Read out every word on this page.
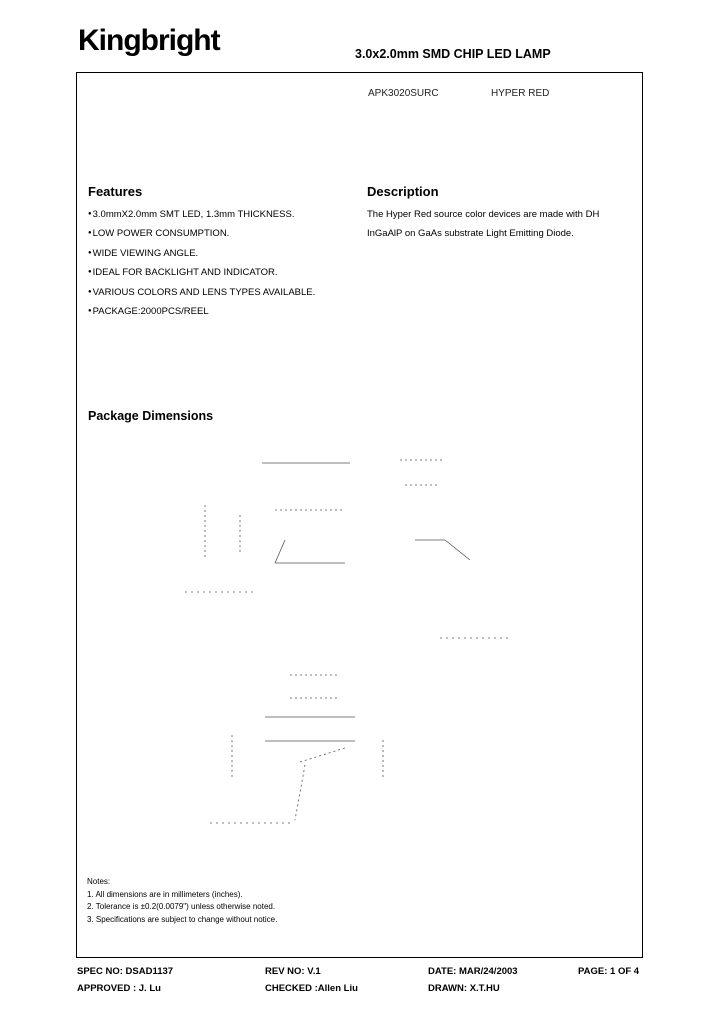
Kingbright	3.0x2.0mm SMD CHIP LED LAMP
APK3020SURC	HYPER RED
Features
● 3.0mmX2.0mm SMT LED, 1.3mm THICKNESS.
● LOW POWER CONSUMPTION.
● WIDE VIEWING ANGLE.
● IDEAL FOR BACKLIGHT AND INDICATOR.
● VARIOUS COLORS AND LENS TYPES AVAILABLE.
● PACKAGE:2000PCS/REEL
Description
The Hyper Red source color devices are made with DH InGaAlP on GaAs substrate Light Emitting Diode.
Package Dimensions
Notes:
1. All dimensions are in millimeters (inches).
2. Tolerance is ±0.2(0.0079") unless otherwise noted.
3. Specifications are subject to change without notice.
SPEC NO: DSAD1137	REV NO: V.1	DATE: MAR/24/2003	PAGE: 1 OF 4
APPROVED : J. Lu	CHECKED :Allen Liu	DRAWN: X.T.HU
